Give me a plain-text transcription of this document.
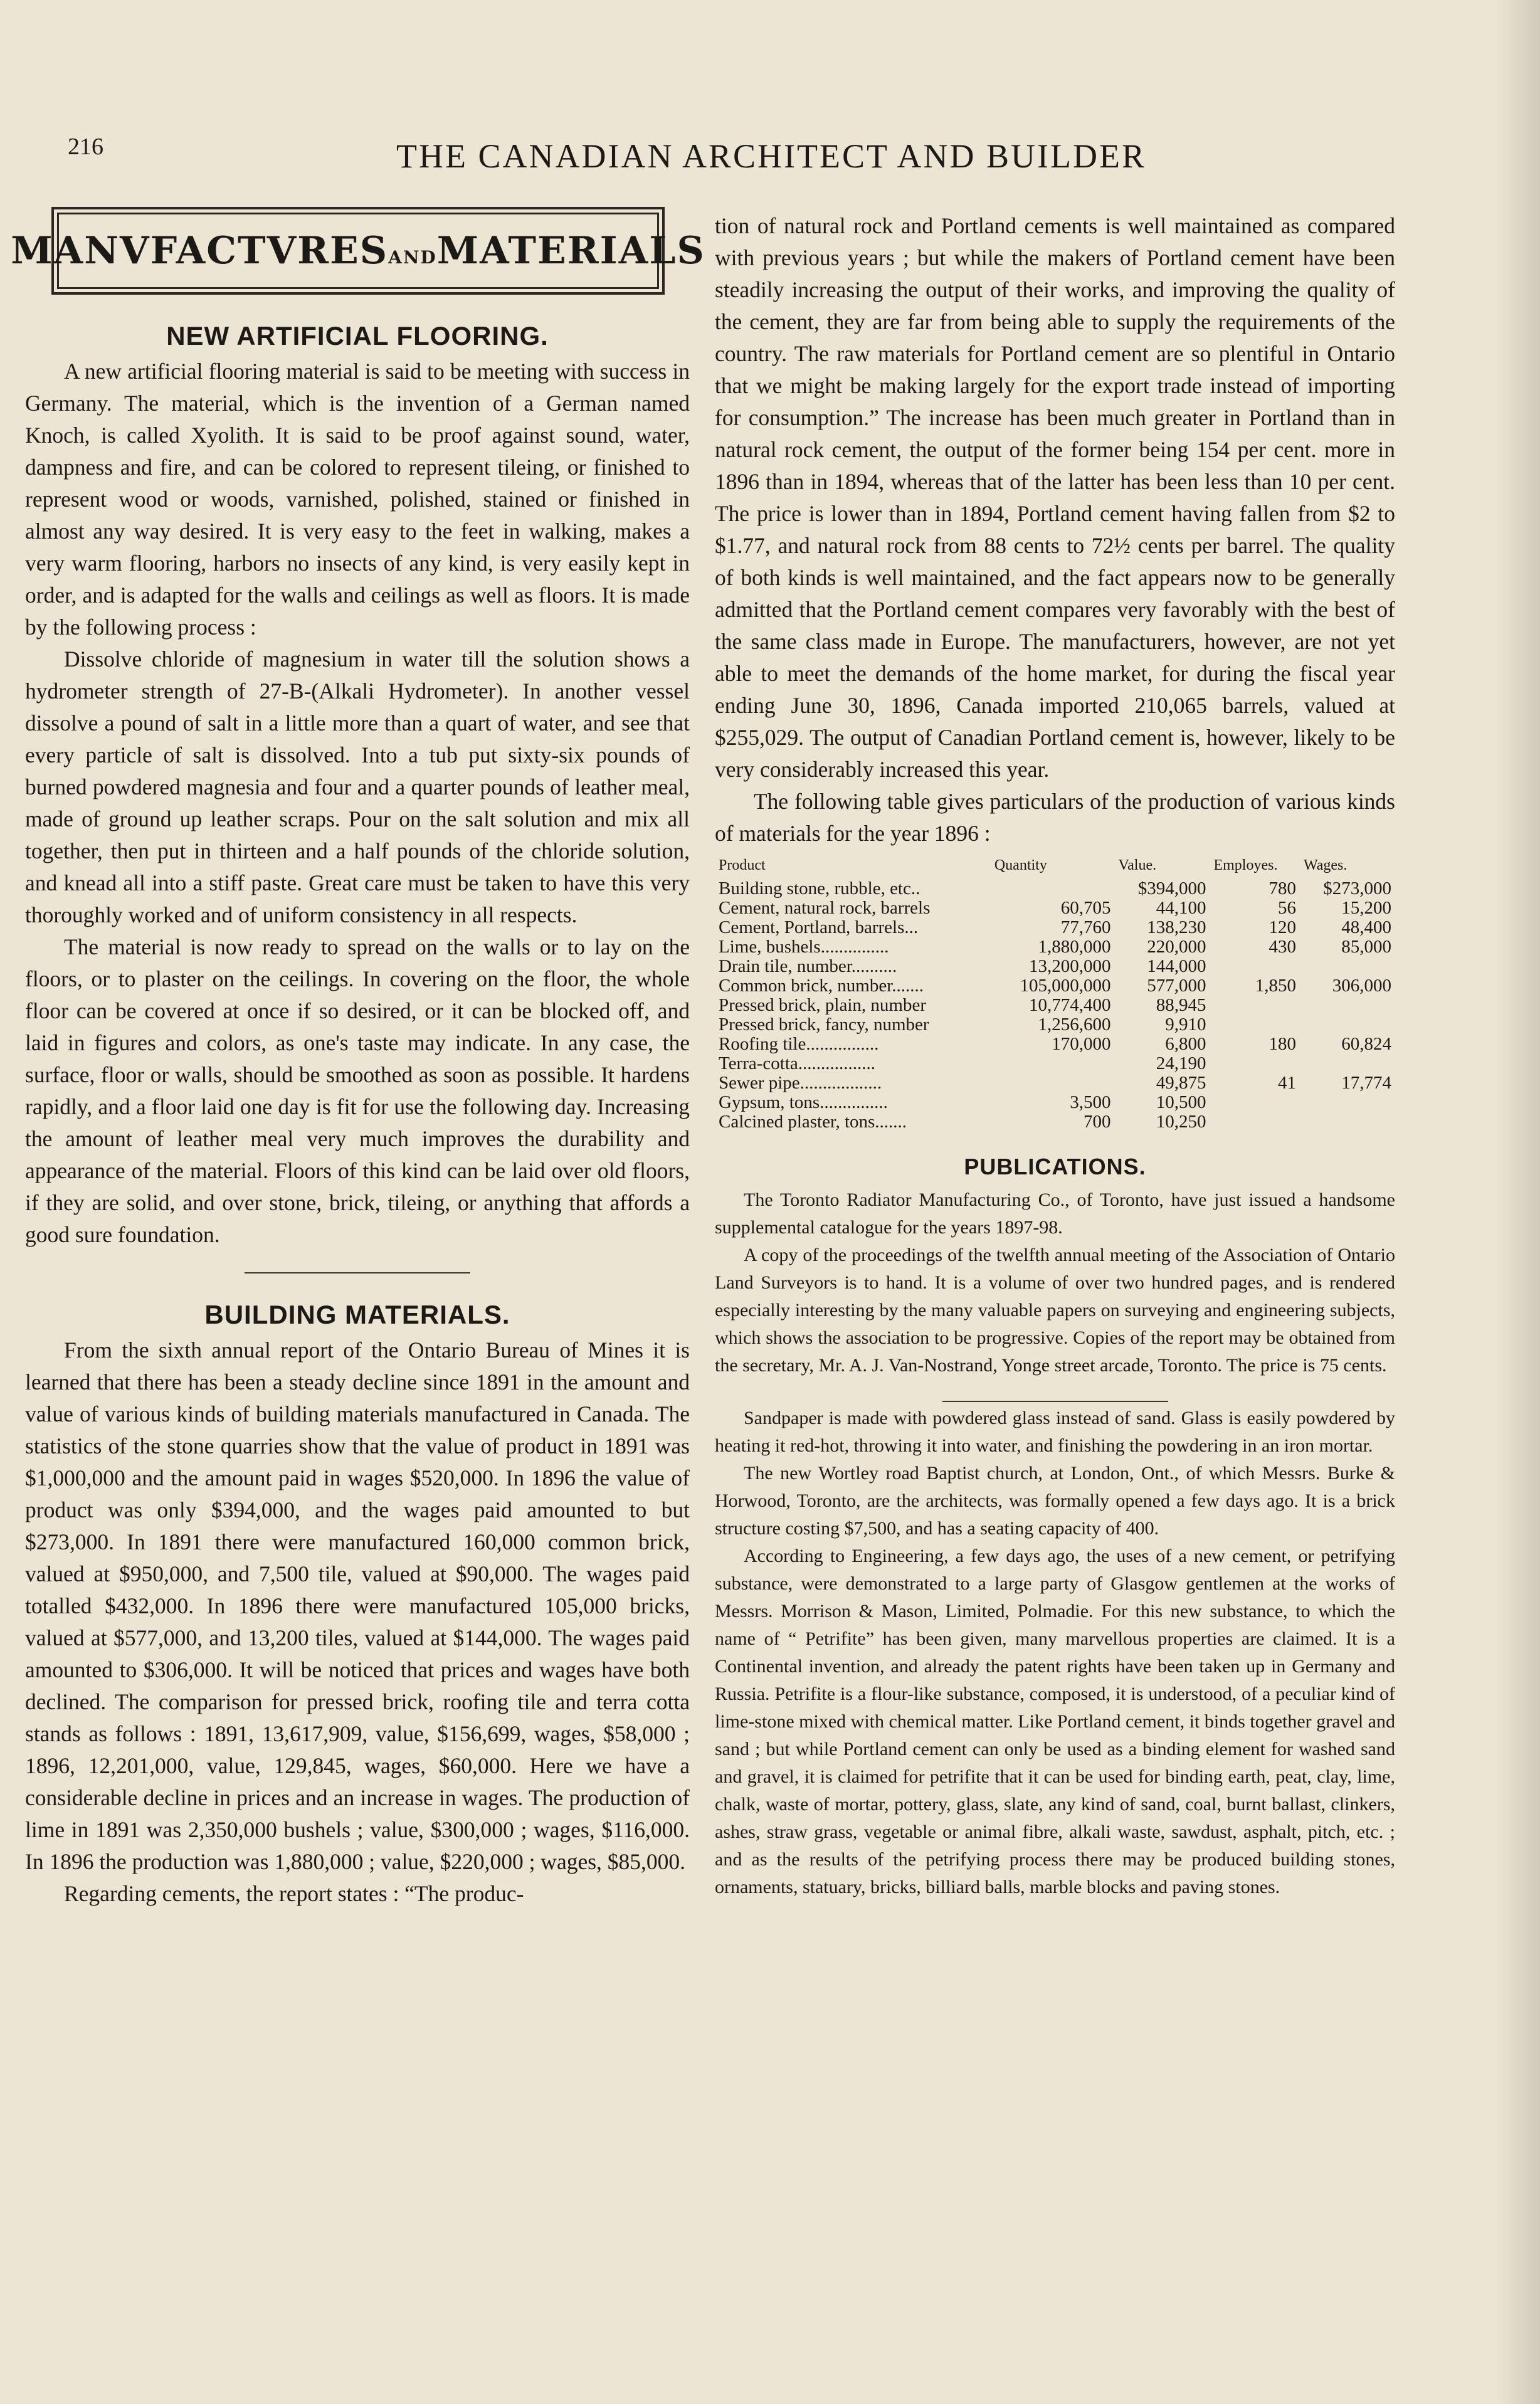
216	THE CANADIAN ARCHITECT AND BUILDER
MANVFACTVRESANDMATERIALS
NEW ARTIFICIAL FLOORING.

A new artificial flooring material is said to be meeting with success in Germany. The material, which is the invention of a German named Knoch, is called Xyolith. It is said to be proof against sound, water, dampness and fire, and can be colored to represent tileing, or finished to represent wood or woods, varnished, polished, stained or finished in almost any way desired. It is very easy to the feet in walking, makes a very warm flooring, harbors no insects of any kind, is very easily kept in order, and is adapted for the walls and ceilings as well as floors. It is made by the following process :

Dissolve chloride of magnesium in water till the solution shows a hydrometer strength of 27-B-(Alkali Hydrometer). In another vessel dissolve a pound of salt in a little more than a quart of water, and see that every particle of salt is dissolved. Into a tub put sixty-six pounds of burned powdered magnesia and four and a quarter pounds of leather meal, made of ground up leather scraps. Pour on the salt solution and mix all together, then put in thirteen and a half pounds of the chloride solution, and knead all into a stiff paste. Great care must be taken to have this very thoroughly worked and of uniform consistency in all respects.

The material is now ready to spread on the walls or to lay on the floors, or to plaster on the ceilings. In covering on the floor, the whole floor can be covered at once if so desired, or it can be blocked off, and laid in figures and colors, as one's taste may indicate. In any case, the surface, floor or walls, should be smoothed as soon as possible. It hardens rapidly, and a floor laid one day is fit for use the following day. Increasing the amount of leather meal very much improves the durability and appearance of the material. Floors of this kind can be laid over old floors, if they are solid, and over stone, brick, tileing, or anything that affords a good sure foundation.

BUILDING MATERIALS.

From the sixth annual report of the Ontario Bureau of Mines it is learned that there has been a steady decline since 1891 in the amount and value of various kinds of building materials manufactured in Canada. The statistics of the stone quarries show that the value of product in 1891 was $1,000,000 and the amount paid in wages $520,000. In 1896 the value of product was only $394,000, and the wages paid amounted to but $273,000. In 1891 there were manufactured 160,000 common brick, valued at $950,000, and 7,500 tile, valued at $90,000. The wages paid totalled $432,000. In 1896 there were manufactured 105,000 bricks, valued at $577,000, and 13,200 tiles, valued at $144,000. The wages paid amounted to $306,000. It will be noticed that prices and wages have both declined. The comparison for pressed brick, roofing tile and terra cotta stands as follows : 1891, 13,617,909, value, $156,699, wages, $58,000 ; 1896, 12,201,000, value, 129,845, wages, $60,000. Here we have a considerable decline in prices and an increase in wages. The production of lime in 1891 was 2,350,000 bushels ; value, $300,000 ; wages, $116,000. In 1896 the production was 1,880,000 ; value, $220,000 ; wages, $85,000.

Regarding cements, the report states : “The produc-

tion of natural rock and Portland cements is well maintained as compared with previous years ; but while the makers of Portland cement have been steadily increasing the output of their works, and improving the quality of the cement, they are far from being able to supply the requirements of the country. The raw materials for Portland cement are so plentiful in Ontario that we might be making largely for the export trade instead of importing for consumption.” The increase has been much greater in Portland than in natural rock cement, the output of the former being 154 per cent. more in 1896 than in 1894, whereas that of the latter has been less than 10 per cent. The price is lower than in 1894, Portland cement having fallen from $2 to $1.77, and natural rock from 88 cents to 72½ cents per barrel. The quality of both kinds is well maintained, and the fact appears now to be generally admitted that the Portland cement compares very favorably with the best of the same class made in Europe. The manufacturers, however, are not yet able to meet the demands of the home market, for during the fiscal year ending June 30, 1896, Canada imported 210,065 barrels, valued at $255,029. The output of Canadian Portland cement is, however, likely to be very considerably increased this year.

The following table gives particulars of the production of various kinds of materials for the year 1896 :

Product	Quantity	Value.	Employes.	Wages.
Building stone, rubble, etc..		$394,000	780	$273,000
Cement, natural rock, barrels	60,705	44,100	56	15,200
Cement, Portland, barrels...	77,760	138,230	120	48,400
Lime, bushels...............	1,880,000	220,000	430	85,000
Drain tile, number..........	13,200,000	144,000		
Common brick, number.......	105,000,000	577,000	1,850	306,000
Pressed brick, plain, number	10,774,400	88,945		
Pressed brick, fancy, number	1,256,600	9,910		
Roofing tile................	170,000	6,800	180	60,824
Terra-cotta.................		24,190		
Sewer pipe..................		49,875	41	17,774
Gypsum, tons...............	3,500	10,500		
Calcined plaster, tons.......	700	10,250		
PUBLICATIONS.

The Toronto Radiator Manufacturing Co., of Toronto, have just issued a handsome supplemental catalogue for the years 1897-98.

A copy of the proceedings of the twelfth annual meeting of the Association of Ontario Land Surveyors is to hand. It is a volume of over two hundred pages, and is rendered especially interesting by the many valuable papers on surveying and engineering subjects, which shows the association to be progressive. Copies of the report may be obtained from the secretary, Mr. A. J. Van-Nostrand, Yonge street arcade, Toronto. The price is 75 cents.

Sandpaper is made with powdered glass instead of sand. Glass is easily powdered by heating it red-hot, throwing it into water, and finishing the powdering in an iron mortar.

The new Wortley road Baptist church, at London, Ont., of which Messrs. Burke & Horwood, Toronto, are the architects, was formally opened a few days ago. It is a brick structure costing $7,500, and has a seating capacity of 400.

According to Engineering, a few days ago, the uses of a new cement, or petrifying substance, were demonstrated to a large party of Glasgow gentlemen at the works of Messrs. Morrison & Mason, Limited, Polmadie. For this new substance, to which the name of “ Petrifite” has been given, many marvellous properties are claimed. It is a Continental invention, and already the patent rights have been taken up in Germany and Russia. Petrifite is a flour-like substance, composed, it is understood, of a peculiar kind of lime-stone mixed with chemical matter. Like Portland cement, it binds together gravel and sand ; but while Portland cement can only be used as a binding element for washed sand and gravel, it is claimed for petrifite that it can be used for binding earth, peat, clay, lime, chalk, waste of mortar, pottery, glass, slate, any kind of sand, coal, burnt ballast, clinkers, ashes, straw grass, vegetable or animal fibre, alkali waste, sawdust, asphalt, pitch, etc. ; and as the results of the petrifying process there may be produced building stones, ornaments, statuary, bricks, billiard balls, marble blocks and paving stones.
